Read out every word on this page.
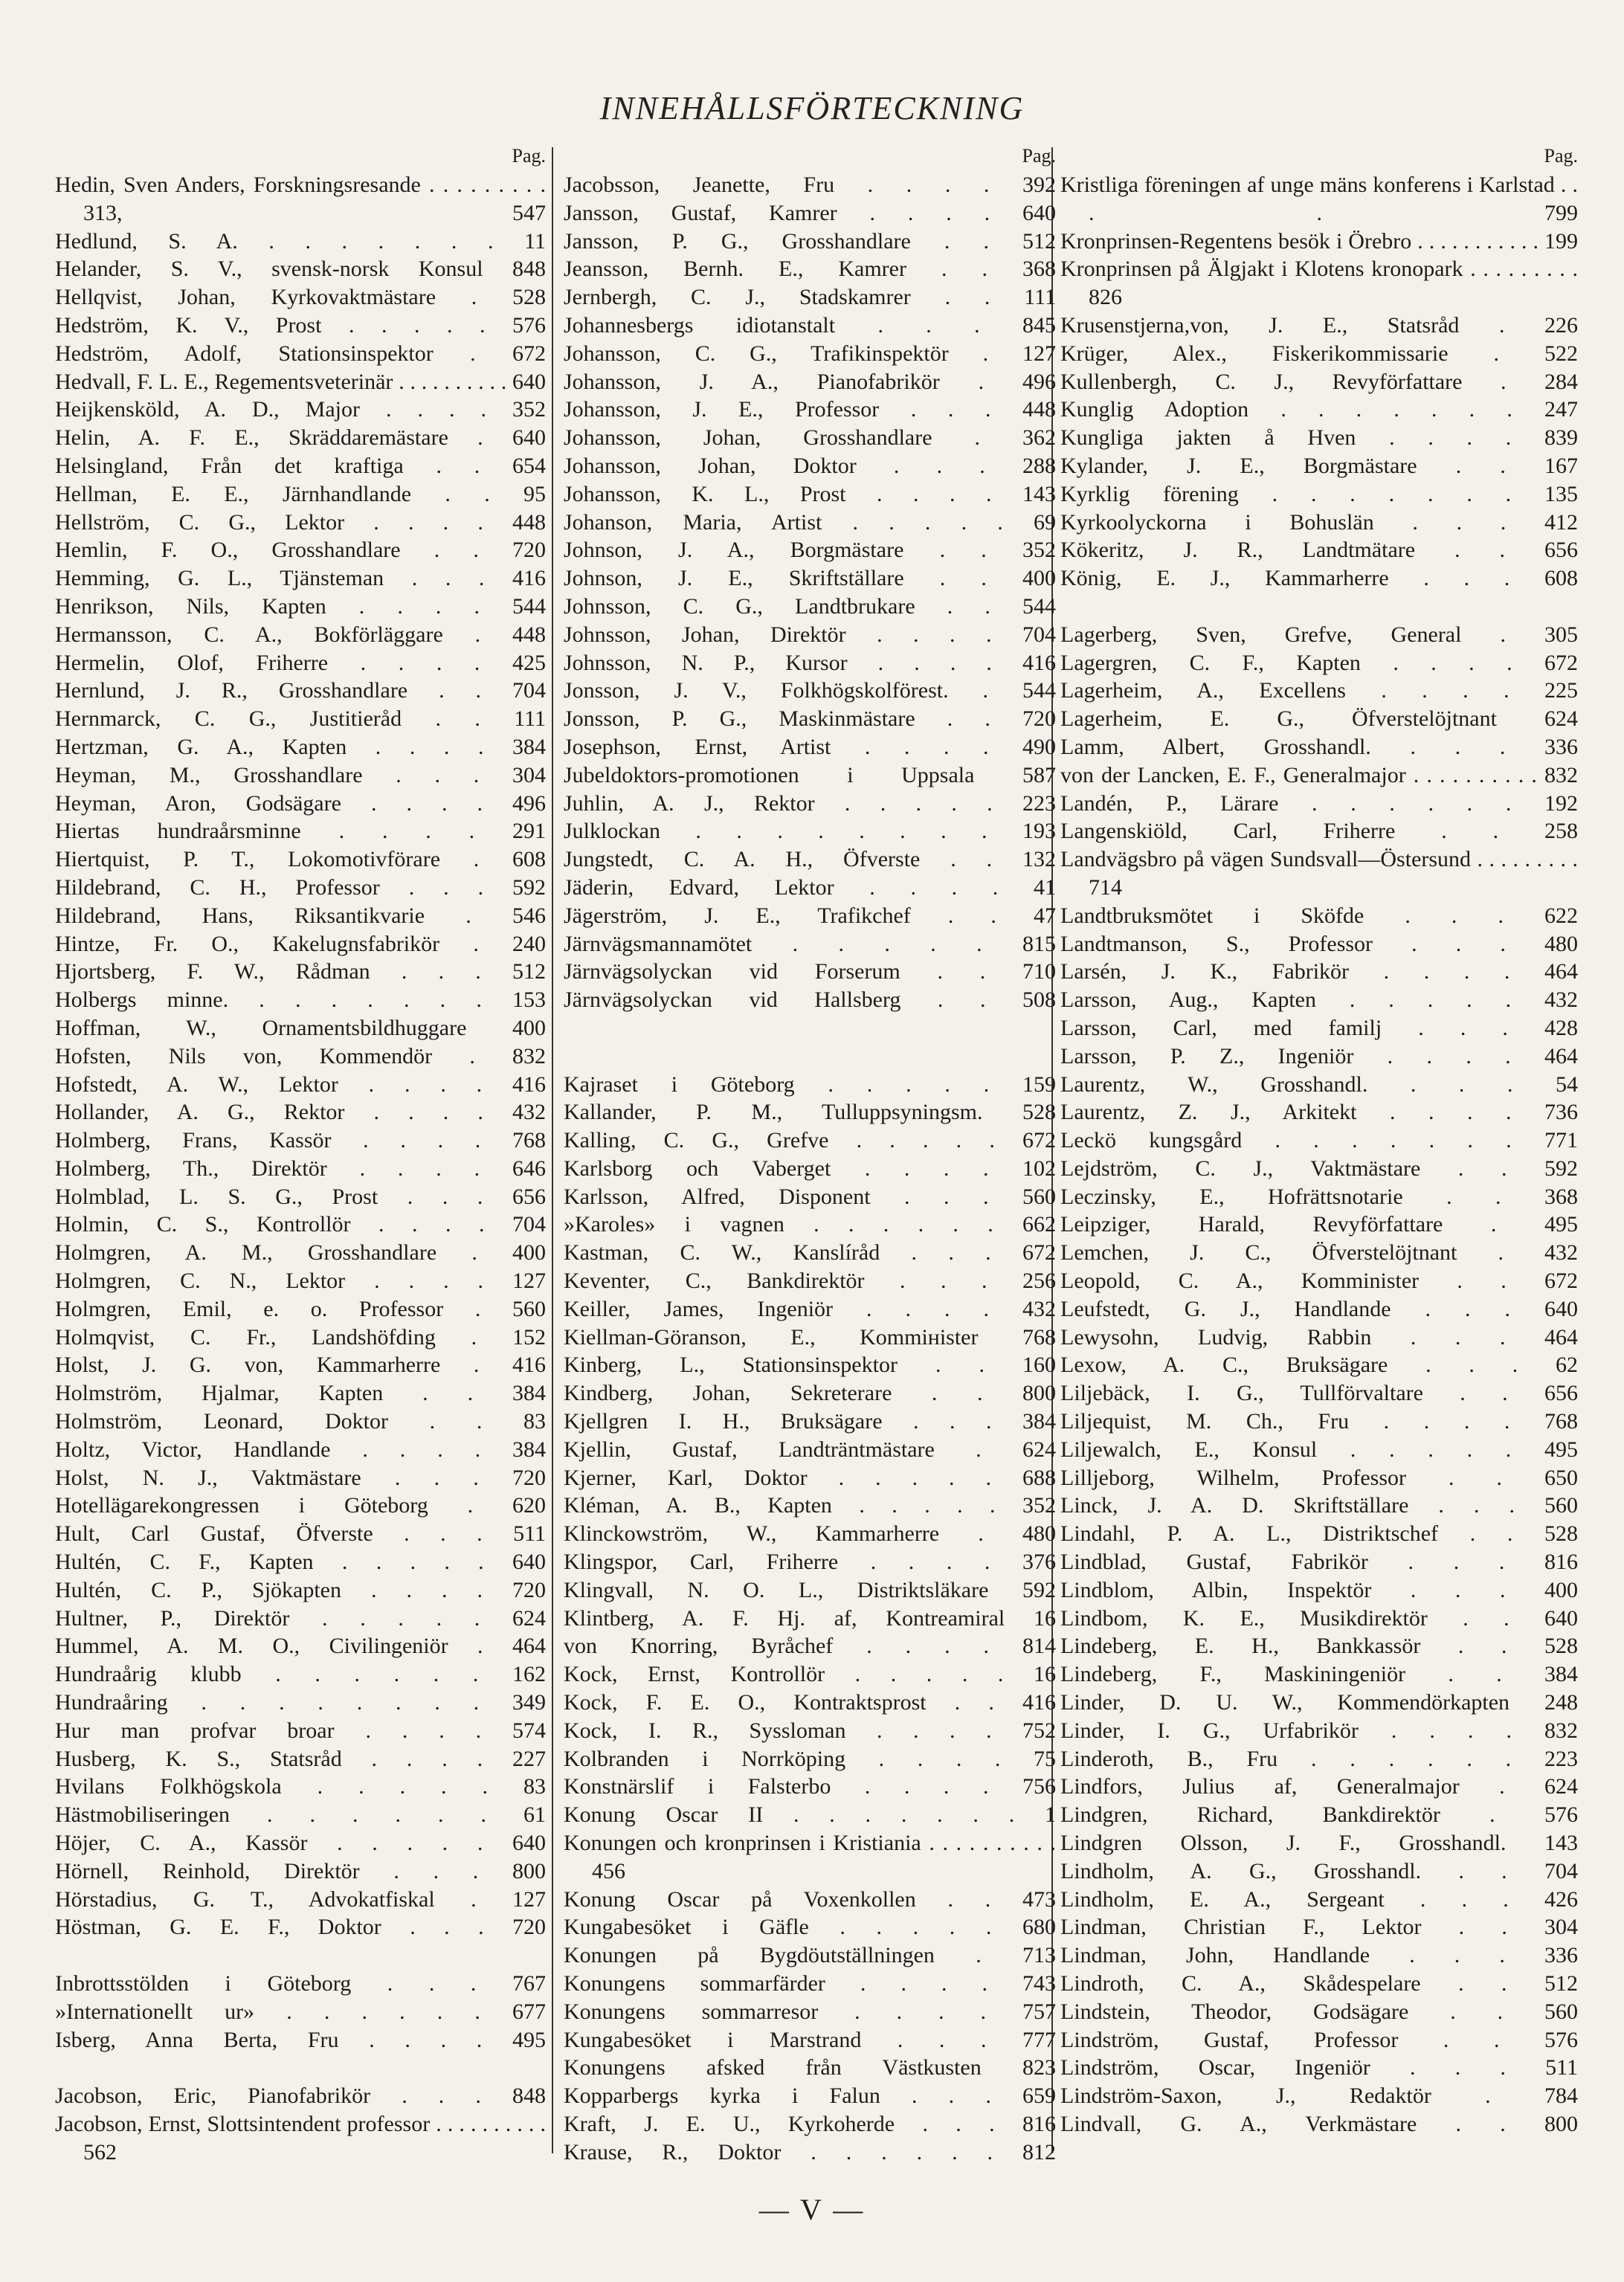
INNEHÅLLSFÖRTECKNING
Pag.
Hedin, Sven Anders, Forskningsresande . . . . . . . . . 313, 547
Hedlund, S. A. . . . . . . . 11
Helander, S. V., svensk-norsk Konsul 848
Hellqvist, Johan, Kyrkovaktmästare . 528
Hedström, K. V., Prost . . . . . 576
Hedström, Adolf, Stationsinspektor . 672
Hedvall, F. L. E., Regementsveterinär . . . . . . . . . . 640
Heijkensköld, A. D., Major . . . . 352
Helin, A. F. E., Skräddaremästare . 640
Helsingland, Från det kraftiga . . 654
Hellman, E. E., Järnhandlande . . 95
Hellström, C. G., Lektor . . . . 448
Hemlin, F. O., Grosshandlare . . 720
Hemming, G. L., Tjänsteman . . . 416
Henrikson, Nils, Kapten . . . . 544
Hermansson, C. A., Bokförläggare . 448
Hermelin, Olof, Friherre . . . . 425
Hernlund, J. R., Grosshandlare . . 704
Hernmarck, C. G., Justitieråd . . 111
Hertzman, G. A., Kapten . . . . 384
Heyman, M., Grosshandlare . . . 304
Heyman, Aron, Godsägare . . . . 496
Hiertas hundraårsminne . . . . 291
Hiertquist, P. T., Lokomotivförare . 608
Hildebrand, C. H., Professor . . . 592
Hildebrand, Hans, Riksantikvarie . 546
Hintze, Fr. O., Kakelugnsfabrikör . 240
Hjortsberg, F. W., Rådman . . . 512
Holbergs minne. . . . . . . . 153
Hoffman, W., Ornamentsbildhuggare 400
Hofsten, Nils von, Kommendör . 832
Hofstedt, A. W., Lektor . . . . 416
Hollander, A. G., Rektor . . . . 432
Holmberg, Frans, Kassör . . . . 768
Holmberg, Th., Direktör . . . . 646
Holmblad, L. S. G., Prost . . . 656
Holmin, C. S., Kontrollör . . . . 704
Holmgren, A. M., Grosshandlare . 400
Holmgren, C. N., Lektor . . . . 127
Holmgren, Emil, e. o. Professor . 560
Holmqvist, C. Fr., Landshöfding . 152
Holst, J. G. von, Kammarherre . 416
Holmström, Hjalmar, Kapten . . 384
Holmström, Leonard, Doktor . . 83
Holtz, Victor, Handlande . . . . 384
Holst, N. J., Vaktmästare . . . 720
Hotellägarekongressen i Göteborg . 620
Hult, Carl Gustaf, Öfverste . . . 511
Hultén, C. F., Kapten . . . . . 640
Hultén, C. P., Sjökapten . . . . 720
Hultner, P., Direktör . . . . . 624
Hummel, A. M. O., Civilingeniör . 464
Hundraårig klubb . . . . . . 162
Hundraåring . . . . . . . . 349
Hur man profvar broar . . . . 574
Husberg, K. S., Statsråd . . . . 227
Hvilans Folkhögskola . . . . . 83
Hästmobiliseringen . . . . . . 61
Höjer, C. A., Kassör . . . . . 640
Hörnell, Reinhold, Direktör . . . 800
Hörstadius, G. T., Advokatfiskal . 127
Höstman, G. E. F., Doktor . . . 720
Inbrottsstölden i Göteborg . . . 767
»Internationellt ur» . . . . . . 677
Isberg, Anna Berta, Fru . . . . 495
Jacobson, Eric, Pianofabrikör . . . 848
Jacobson, Ernst, Slottsintendent professor . . . . . . . . . . 562
Pag.
Jacobsson, Jeanette, Fru . . . . 392
Jansson, Gustaf, Kamrer . . . . 640
Jansson, P. G., Grosshandlare . . 512
Jeansson, Bernh. E., Kamrer . . 368
Jernbergh, C. J., Stadskamrer . . 111
Johannesbergs idiotanstalt . . . 845
Johansson, C. G., Trafikinspektör . 127
Johansson, J. A., Pianofabrikör . 496
Johansson, J. E., Professor . . . 448
Johansson, Johan, Grosshandlare . 362
Johansson, Johan, Doktor . . . 288
Johansson, K. L., Prost . . . . 143
Johanson, Maria, Artist . . . . . 69
Johnson, J. A., Borgmästare . . 352
Johnson, J. E., Skriftställare . . 400
Johnsson, C. G., Landtbrukare . . 544
Johnsson, Johan, Direktör . . . . 704
Johnsson, N. P., Kursor . . . . 416
Jonsson, J. V., Folkhögskolförest. . 544
Jonsson, P. G., Maskinmästare . . 720
Josephson, Ernst, Artist . . . . 490
Jubeldoktors-promotionen i Uppsala 587
Juhlin, A. J., Rektor . . . . . 223
Julklockan . . . . . . . . 193
Jungstedt, C. A. H., Öfverste . . 132
Jäderin, Edvard, Lektor . . . . 41
Jägerström, J. E., Trafikchef . . 47
Järnvägsmannamötet . . . . . 815
Järnvägsolyckan vid Forserum . . 710
Järnvägsolyckan vid Hallsberg . . 508
Kajraset i Göteborg . . . . . 159
Kallander, P. M., Tulluppsyningsm. 528
Kalling, C. G., Grefve . . . . . 672
Karlsborg och Vaberget . . . . 102
Karlsson, Alfred, Disponent . . . 560
»Karoles» i vagnen . . . . . . 662
Kastman, C. W., Kanslíråd . . . 672
Keventer, C., Bankdirektör . . . 256
Keiller, James, Ingeniör . . . . 432
Kiellman-Göranson, E., Kommінister 768
Kinberg, L., Stationsinspektor . . 160
Kindberg, Johan, Sekreterare . . 800
Kjellgren I. H., Bruksägare . . . 384
Kjellin, Gustaf, Landträntmästare . 624
Kjerner, Karl, Doktor . . . . . 688
Kléman, A. B., Kapten . . . . . 352
Klinckowström, W., Kammarherre . 480
Klingspor, Carl, Friherre . . . . 376
Klingvall, N. O. L., Distriktsläkare 592
Klintberg, A. F. Hj. af, Kontreamiral 16
von Knorring, Byråchef . . . . 814
Kock, Ernst, Kontrollör . . . . . 16
Kock, F. E. O., Kontraktsprost . . 416
Kock, I. R., Syssloman . . . . 752
Kolbranden i Norrköping . . . . 75
Konstnärslif i Falsterbo . . . . 756
Konung Oscar II . . . . . . . 1
Konungen och kronprinsen i Kristiania . . . . . . . . . . 456
Konung Oscar på Voxenkollen . . 473
Kungabesöket i Gäfle . . . . . 680
Konungen på Bygdöutställningen . 713
Konungens sommarfärder . . . . 743
Konungens sommarresor . . . . 757
Kungabesöket i Marstrand . . . 777
Konungens afsked från Västkusten 823
Kopparbergs kyrka i Falun . . . 659
Kraft, J. E. U., Kyrkoherde . . . 816
Krause, R., Doktor . . . . . . 812
Pag.
Kristliga föreningen af unge mäns konferens i Karlstad . . . . 799
Kronprinsen-Regentens besök i Örebro . . . . . . . . . . . 199
Kronprinsen på Älgjakt i Klotens kronopark . . . . . . . . . 826
Krusenstjerna,von, J. E., Statsråd . 226
Krüger, Alex., Fiskerikommissarie . 522
Kullenbergh, C. J., Revyförfattare . 284
Kunglig Adoption . . . . . . . 247
Kungliga jakten å Hven . . . . 839
Kylander, J. E., Borgmästare . . 167
Kyrklig förening . . . . . . . 135
Kyrkoolyckorna i Bohuslän . . . 412
Kökeritz, J. R., Landtmätare . . 656
König, E. J., Kammarherre . . . 608
Lagerberg, Sven, Grefve, General . 305
Lagergren, C. F., Kapten . . . . 672
Lagerheim, A., Excellens . . . . 225
Lagerheim, E. G., Öfverstelöjtnant 624
Lamm, Albert, Grosshandl. . . . 336
von der Lancken, E. F., Generalmajor . . . . . . . . . . 832
Landén, P., Lärare . . . . . . 192
Langenskiöld, Carl, Friherre . . 258
Landvägsbro på vägen Sundsvall—Östersund . . . . . . . . . 714
Landtbruksmötet i Sköfde . . . 622
Landtmanson, S., Professor . . . 480
Larsén, J. K., Fabrikör . . . . 464
Larsson, Aug., Kapten . . . . . 432
Larsson, Carl, med familj . . . 428
Larsson, P. Z., Ingeniör . . . . 464
Laurentz, W., Grosshandl. . . . 54
Laurentz, Z. J., Arkitekt . . . . 736
Leckö kungsgård . . . . . . . 771
Lejdström, C. J., Vaktmästare . . 592
Leczinsky, E., Hofrättsnotarie . . 368
Leipziger, Harald, Revyförfattare . 495
Lemchen, J. C., Öfverstelöjtnant . 432
Leopold, C. A., Komminister . . 672
Leufstedt, G. J., Handlande . . . 640
Lewysohn, Ludvig, Rabbin . . . 464
Lexow, A. C., Bruksägare . . . 62
Liljebäck, I. G., Tullförvaltare . . 656
Liljequist, M. Ch., Fru . . . . 768
Liljewalch, E., Konsul . . . . . 495
Lilljeborg, Wilhelm, Professor . . 650
Linck, J. A. D. Skriftställare . . . 560
Lindahl, P. A. L., Distriktschef . . 528
Lindblad, Gustaf, Fabrikör . . . 816
Lindblom, Albin, Inspektör . . . 400
Lindbom, K. E., Musikdirektör . . 640
Lindeberg, E. H., Bankkassör . . 528
Lindeberg, F., Maskiningeniör . . 384
Linder, D. U. W., Kommendörkapten 248
Linder, I. G., Urfabrikör . . . . 832
Linderoth, B., Fru . . . . . . 223
Lindfors, Julius af, Generalmajor . 624
Lindgren, Richard, Bankdirektör . 576
Lindgren Olsson, J. F., Grosshandl. 143
Lindholm, A. G., Grosshandl. . . 704
Lindholm, E. A., Sergeant . . . 426
Lindman, Christian F., Lektor . . 304
Lindman, John, Handlande . . . 336
Lindroth, C. A., Skådespelare . . 512
Lindstein, Theodor, Godsägare . . 560
Lindström, Gustaf, Professor . . 576
Lindström, Oscar, Ingeniör . . . 511
Lindström-Saxon, J., Redaktör . 784
Lindvall, G. A., Verkmästare . . 800
— V —
